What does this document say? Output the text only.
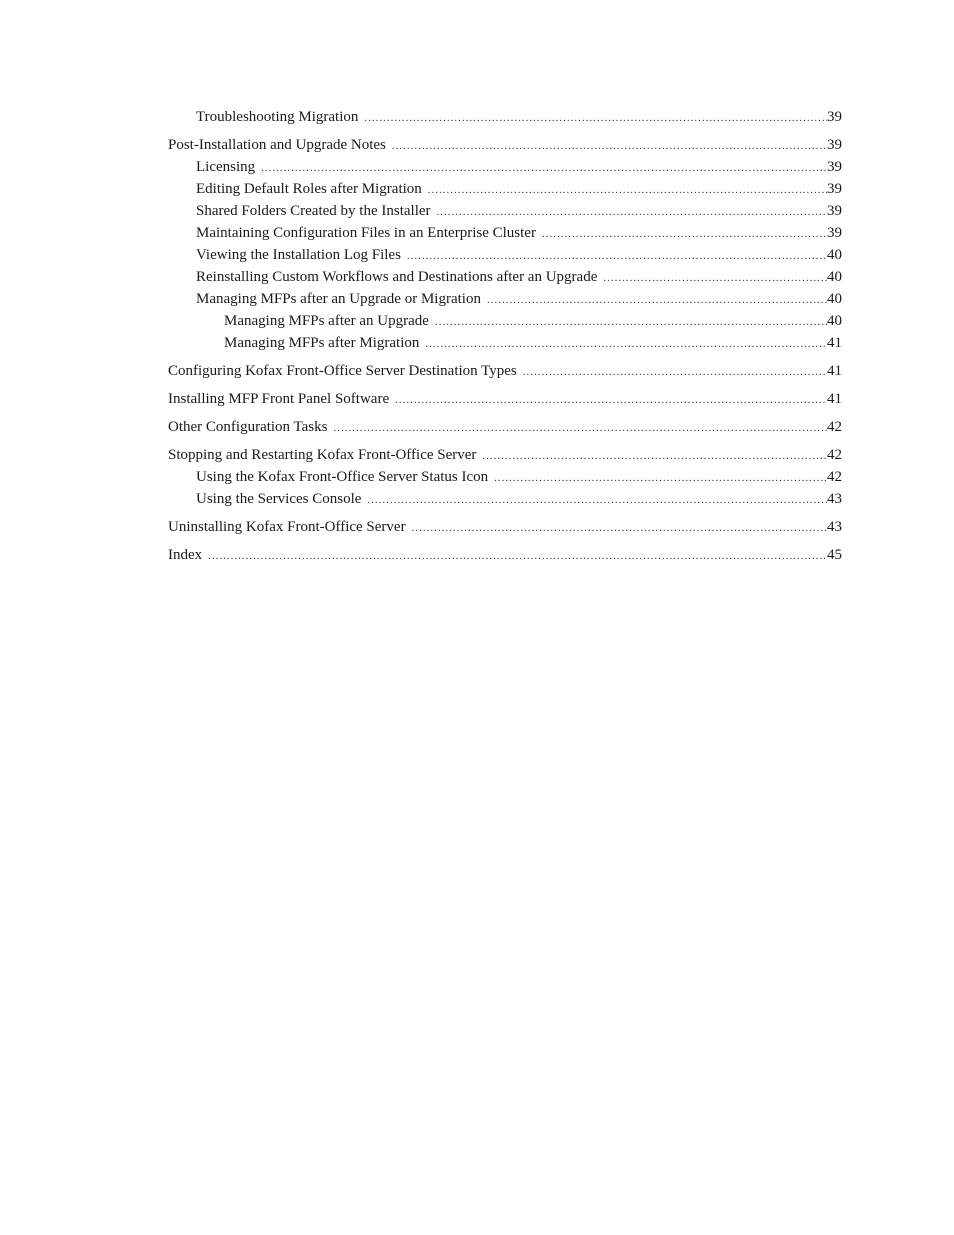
Troubleshooting Migration .....	39
Post-Installation and Upgrade Notes .....	39
Licensing .....	39
Editing Default Roles after Migration .....	39
Shared Folders Created by the Installer .....	39
Maintaining Configuration Files in an Enterprise Cluster .....	39
Viewing the Installation Log Files .....	40
Reinstalling Custom Workflows and Destinations after an Upgrade .....	40
Managing MFPs after an Upgrade or Migration .....	40
Managing MFPs after an Upgrade .....	40
Managing MFPs after Migration .....	41
Configuring Kofax Front-Office Server Destination Types .....	41
Installing MFP Front Panel Software .....	41
Other Configuration Tasks .....	42
Stopping and Restarting Kofax Front-Office Server .....	42
Using the Kofax Front-Office Server Status Icon .....	42
Using the Services Console .....	43
Uninstalling Kofax Front-Office Server .....	43
Index .....	45
